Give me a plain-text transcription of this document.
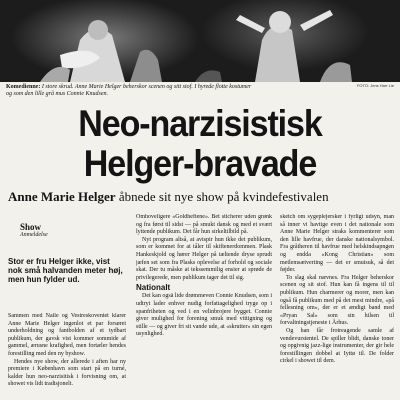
Komedienne: I store skrud. Anne Marie Helger beherskor scenen og sitt stof. I hyrede flotte kostumer og som den lille grå mus Connie Knudsen.
FOTO: Jens Harr Lie
Neo-narzisistisk
Helger-bravade
Anne Marie Helger åbnede sit nye show på kvindefestivalen
Show
Anmeldelse
Stor er fru Helger ikke, vist nok små halvanden meter høj, men hun fylder ud.

Sammen med Nalle og Vestreskoventet klarer Anne Marie Helger ingenlot et par forsøret underholdning og fantbolden af et tydbart publikum, der gavsk vist kommer sommide af gammel, ærusne krafighed, men fortæler hendes forestilling med den ny byshow.

Hendes nye show, der allerede i aften har ny premiere i København som start på en turné, kalder hun neo-narzisitisk i forvisning om, at showet vis lidt tradisjonelt.

Omhoveligere «Goldheftene». Bet sticherer uden grønk og fra først til sidst — på smukt dansk og med et svært lyttende publikum. Det får hun sirkeltilbild på.

Nyt program altså, at avispir hun ikke det publikum, som er kommet for at tåler til skiftenerdommen. Plask Hankeskjold og hører Helger på tæltende dryse sprudt jæfen set som fra Plasks oplevelse af forhold og sociale skat. Der tu måske at tekssemmilig ensier at sprøde de privilegerede, men publikum tager det til sig.

Nationalt

Det kan ogsä lide drømmeven Connie Knudsen, som i udtryt lader enhver nudig forfattagelighed tryge op i spanfriheten og ved i en velinbrojere bygget. Connie giver mulighed for forening smuk med vittigning og stille — og giver fri sit vande ude, at «skrutter» sin egen usynlighed.

sketch om sygeplejersker i fyrligt udsyn, man så inner vi havtige even i det nationale som Anne Marie Helger straks kommenterer som den lille havfrue, der danske nationalsymbol. Fra gråtheren til havfrue med helskindsapngen og endda «Kong Christian» som metlemsætverting — det er smuisuk, så det føjder.

To slag skal nævnes. Fra Helger beherskor scenen og sit stof. Hun kan få ingens til til publikum. Hun charmerer og morer, men kan også få publikum med på det mest mindre, «på fellesning om», der er et ændigt band med «Pryan Sal» som sin hilsen til forvaltningstjeneste i Århus.

Og han får frotreagende samle af vendevurstentel. De spiller blidt, danske toner og opgivnig jazz-lige instrumenter, der gir hele forestillingen dobbel at Iyttø til. De folder cirkel i showet til dem.
